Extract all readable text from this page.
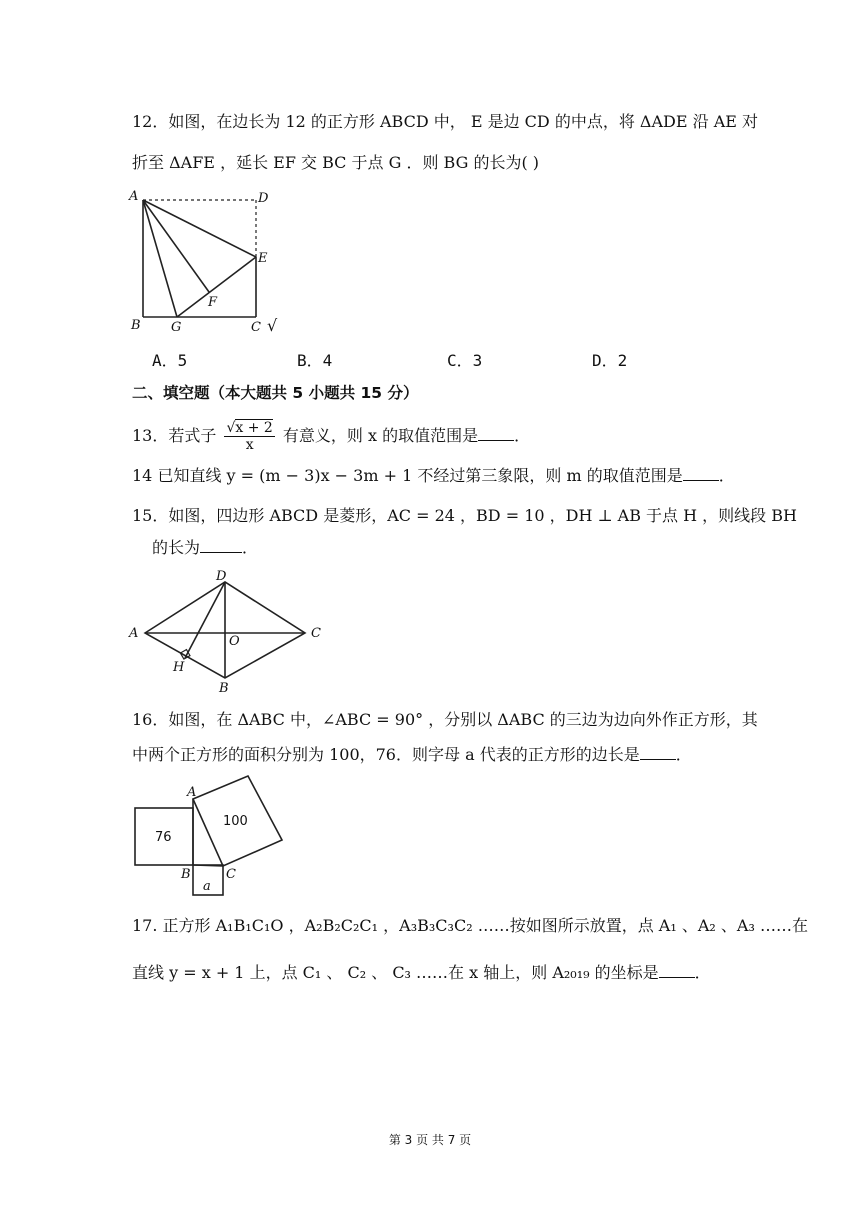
12．如图，在边长为 12 的正方形 ABCD 中， E 是边 CD 的中点，将 ΔADE 沿 AE 对
折至 ΔAFE ，延长 EF 交 BC 于点 G ．则 BG 的长为( )
A	D
E
F
B G	C √
A．5	B．4	C．3	D．2
二、填空题（本大题共 5 小题共 15 分）
13．若式子 $\frac{√x + 2}{x}$ 有意义，则 x 的取值范围是 ．
14 已知直线 y = (m − 3)x − 3m + 1 不经过第三象限，则 m 的取值范围是 ．
15．如图，四边形 ABCD 是菱形，AC = 24 ，BD = 10 ，DH ⊥ AB 于点 H ，则线段 BH
的长为	．
D
A	C
O
H
B
16．如图，在 ΔABC 中，∠ABC = 90° ，分别以 ΔABC 的三边为边向外作正方形，其
中两个正方形的面积分别为 100，76．则字母 a 代表的正方形的边长是 ．
A
B	C
a
76
100
17. 正方形 A₁B₁C₁O ，A₂B₂C₂C₁ ，A₃B₃C₃C₂ ……按如图所示放置，点 A₁ 、A₂ 、A₃ ……在
直线 y = x + 1 上，点 C₁ 、 C₂ 、 C₃ ……在 x 轴上，则 A₂₀₁₉ 的坐标是 ．
第 3 页 共 7 页
